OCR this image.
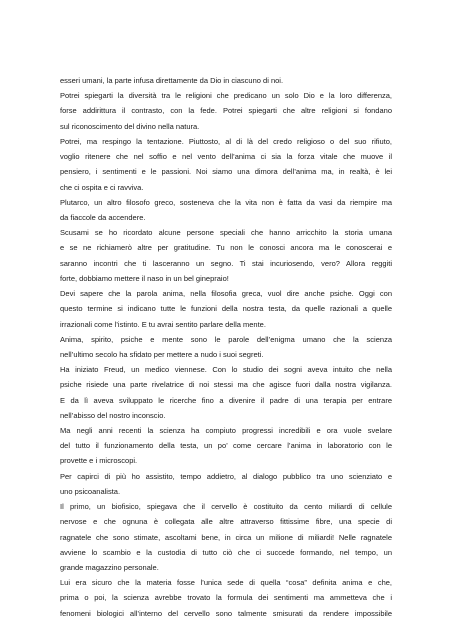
esseri umani, la parte infusa direttamente da Dio in ciascuno di noi.
Potrei spiegarti la diversità tra le religioni che predicano un solo Dio e la loro differenza,
forse addirittura il contrasto, con la fede. Potrei spiegarti che altre religioni si fondano
sul riconoscimento del divino nella natura.
Potrei, ma respingo la tentazione. Piuttosto, al di là del credo religioso o del suo rifiuto,
voglio ritenere che nel soffio e nel vento dell’anima ci sia la forza vitale che muove il
pensiero, i sentimenti e le passioni. Noi siamo una dimora dell’anima ma, in realtà, è lei
che ci ospita e ci ravviva.
Plutarco, un altro filosofo greco, sosteneva che la vita non è fatta da vasi da riempire ma
da fiaccole da accendere.
Scusami se ho ricordato alcune persone speciali che hanno arricchito la storia umana
e se ne richiamerò altre per gratitudine. Tu non le conosci ancora ma le conoscerai e
saranno incontri che ti lasceranno un segno. Ti stai incuriosendo, vero? Allora reggiti
forte, dobbiamo mettere il naso in un bel ginepraio!
Devi sapere che la parola anima, nella filosofia greca, vuol dire anche psiche. Oggi con
questo termine si indicano tutte le funzioni della nostra testa, da quelle razionali a quelle
irrazionali come l’istinto. E tu avrai sentito parlare della mente.
Anima, spirito, psiche e mente sono le parole dell’enigma umano che la scienza
nell’ultimo secolo ha sfidato per mettere a nudo i suoi segreti.
Ha iniziato Freud, un medico viennese. Con lo studio dei sogni aveva intuito che nella
psiche risiede una parte rivelatrice di noi stessi ma che agisce fuori dalla nostra vigilanza.
E da lì aveva sviluppato le ricerche fino a divenire il padre di una terapia per entrare
nell’abisso del nostro inconscio.
Ma negli anni recenti la scienza ha compiuto progressi incredibili e ora vuole svelare
del tutto il funzionamento della testa, un po’ come cercare l’anima in laboratorio con le
provette e i microscopi.
Per capirci di più ho assistito, tempo addietro, al dialogo pubblico tra uno scienziato e
uno psicoanalista.
Il primo, un biofisico, spiegava che il cervello è costituito da cento miliardi di cellule
nervose e che ognuna è collegata alle altre attraverso fittissime fibre, una specie di
ragnatele che sono stimate, ascoltami bene, in circa un milione di miliardi! Nelle ragnatele
avviene lo scambio e la custodia di tutto ciò che ci succede formando, nel tempo, un
grande magazzino personale.
Lui era sicuro che la materia fosse l’unica sede di quella “cosa” definita anima e che,
prima o poi, la scienza avrebbe trovato la formula dei sentimenti ma ammetteva che i
fenomeni biologici all’interno del cervello sono talmente smisurati da rendere impossibile
